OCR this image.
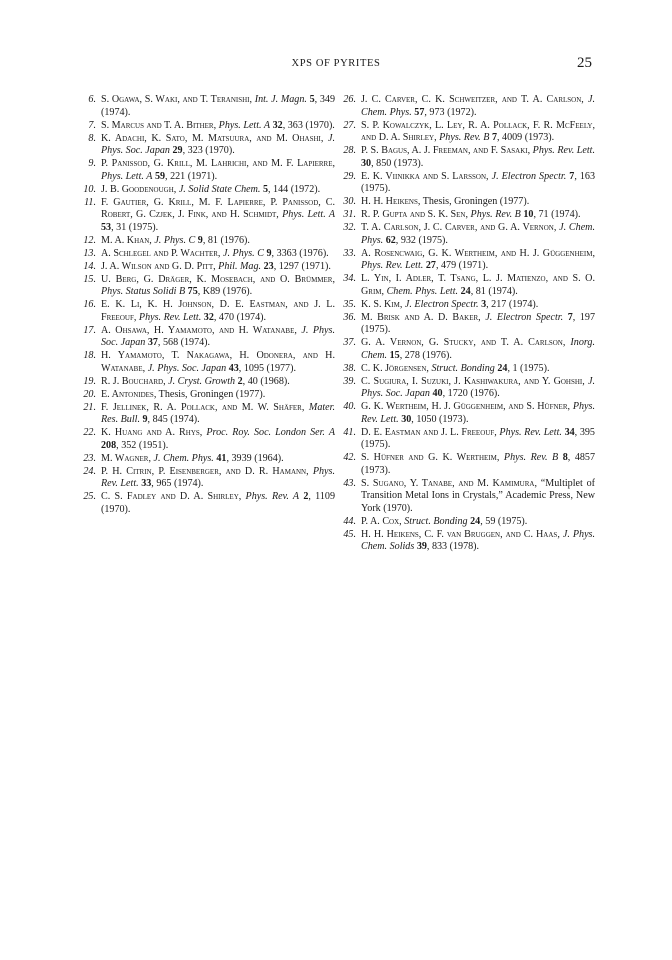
XPS OF PYRITES	25
6. S. Ogawa, S. Waki, and T. Teranishi, Int. J. Magn. 5, 349 (1974).
7. S. Marcus and T. A. Bither, Phys. Lett. A 32, 363 (1970).
8. K. Adachi, K. Sato, M. Matsuura, and M. Ohashi, J. Phys. Soc. Japan 29, 323 (1970).
9. P. Panissod, G. Krill, M. Lahrichi, and M. F. Lapierre, Phys. Lett. A 59, 221 (1971).
10. J. B. Goodenough, J. Solid State Chem. 5, 144 (1972).
11. F. Gautier, G. Krill, M. F. Lapierre, P. Panissod, C. Robert, G. Czjek, J. Fink, and H. Schmidt, Phys. Lett. A 53, 31 (1975).
12. M. A. Khan, J. Phys. C 9, 81 (1976).
13. A. Schlegel and P. Wachter, J. Phys. C 9, 3363 (1976).
14. J. A. Wilson and G. D. Pitt, Phil. Mag. 23, 1297 (1971).
15. U. Berg, G. Dräger, K. Mosebach, and O. Brümmer, Phys. Status Solidi B 75, K89 (1976).
16. E. K. Li, K. H. Johnson, D. E. Eastman, and J. L. Freeouf, Phys. Rev. Lett. 32, 470 (1974).
17. A. Ohsawa, H. Yamamoto, and H. Watanabe, J. Phys. Soc. Japan 37, 568 (1974).
18. H. Yamamoto, T. Nakagawa, H. Odonera, and H. Watanabe, J. Phys. Soc. Japan 43, 1095 (1977).
19. R. J. Bouchard, J. Cryst. Growth 2, 40 (1968).
20. E. Antonides, Thesis, Groningen (1977).
21. F. Jellinek, R. A. Pollack, and M. W. Shäfer, Mater. Res. Bull. 9, 845 (1974).
22. K. Huang and A. Rhys, Proc. Roy. Soc. London Ser. A 208, 352 (1951).
23. M. Wagner, J. Chem. Phys. 41, 3939 (1964).
24. P. H. Citrin, P. Eisenberger, and D. R. Hamann, Phys. Rev. Lett. 33, 965 (1974).
25. C. S. Fadley and D. A. Shirley, Phys. Rev. A 2, 1109 (1970).
26. J. C. Carver, C. K. Schweitzer, and T. A. Carlson, J. Chem. Phys. 57, 973 (1972).
27. S. P. Kowalczyk, L. Ley, R. A. Pollack, F. R. McFeely, and D. A. Shirley, Phys. Rev. B 7, 4009 (1973).
28. P. S. Bagus, A. J. Freeman, and F. Sasaki, Phys. Rev. Lett. 30, 850 (1973).
29. E. K. Viinikka and S. Larsson, J. Electron Spectr. 7, 163 (1975).
30. H. H. Heikens, Thesis, Groningen (1977).
31. R. P. Gupta and S. K. Sen, Phys. Rev. B 10, 71 (1974).
32. T. A. Carlson, J. C. Carver, and G. A. Vernon, J. Chem. Phys. 62, 932 (1975).
33. A. Rosencwaig, G. K. Wertheim, and H. J. Güggenheim, Phys. Rev. Lett. 27, 479 (1971).
34. L. Yin, I. Adler, T. Tsang, L. J. Matienzo, and S. O. Grim, Chem. Phys. Lett. 24, 81 (1974).
35. K. S. Kim, J. Electron Spectr. 3, 217 (1974).
36. M. Brisk and A. D. Baker, J. Electron Spectr. 7, 197 (1975).
37. G. A. Vernon, G. Stucky, and T. A. Carlson, Inorg. Chem. 15, 278 (1976).
38. C. K. Jörgensen, Struct. Bonding 24, 1 (1975).
39. C. Sugiura, I. Suzuki, J. Kashiwakura, and Y. Gohshi, J. Phys. Soc. Japan 40, 1720 (1976).
40. G. K. Wertheim, H. J. Güggenheim, and S. Hüfner, Phys. Rev. Lett. 30, 1050 (1973).
41. D. E. Eastman and J. L. Freeouf, Phys. Rev. Lett. 34, 395 (1975).
42. S. Hüfner and G. K. Wertheim, Phys. Rev. B 8, 4857 (1973).
43. S. Sugano, Y. Tanabe, and M. Kamimura, “Multiplet of Transition Metal Ions in Crystals,” Academic Press, New York (1970).
44. P. A. Cox, Struct. Bonding 24, 59 (1975).
45. H. H. Heikens, C. F. van Bruggen, and C. Haas, J. Phys. Chem. Solids 39, 833 (1978).
